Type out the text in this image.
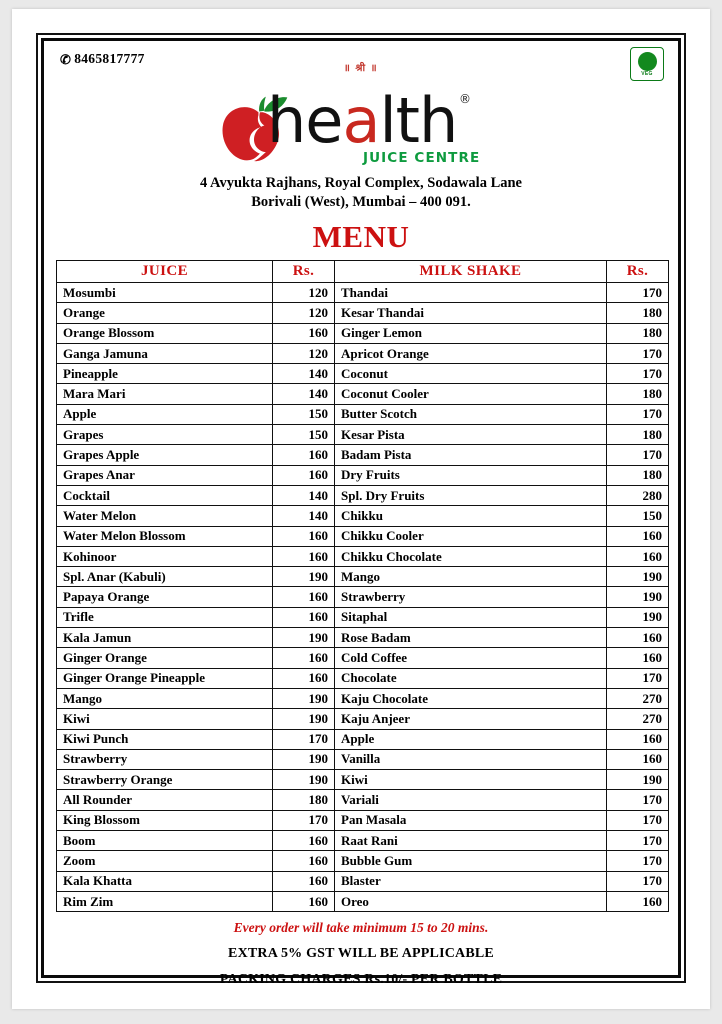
✆ 8465817777
VEG
॥ श्री ॥
health ®
JUICE CENTRE
4 Avyukta Rajhans, Royal Complex, Sodawala Lane
Borivali (West), Mumbai – 400 091.
MENU
JUICE	Rs.	MILK SHAKE	Rs.
Mosumbi	120	Thandai	170
Orange	120	Kesar Thandai	180
Orange Blossom	160	Ginger Lemon	180
Ganga Jamuna	120	Apricot Orange	170
Pineapple	140	Coconut	170
Mara Mari	140	Coconut Cooler	180
Apple	150	Butter Scotch	170
Grapes	150	Kesar Pista	180
Grapes Apple	160	Badam Pista	170
Grapes Anar	160	Dry Fruits	180
Cocktail	140	Spl. Dry Fruits	280
Water Melon	140	Chikku	150
Water Melon Blossom	160	Chikku Cooler	160
Kohinoor	160	Chikku Chocolate	160
Spl. Anar (Kabuli)	190	Mango	190
Papaya Orange	160	Strawberry	190
Trifle	160	Sitaphal	190
Kala Jamun	190	Rose Badam	160
Ginger Orange	160	Cold Coffee	160
Ginger Orange Pineapple	160	Chocolate	170
Mango	190	Kaju Chocolate	270
Kiwi	190	Kaju Anjeer	270
Kiwi Punch	170	Apple	160
Strawberry	190	Vanilla	160
Strawberry Orange	190	Kiwi	190
All Rounder	180	Variali	170
King Blossom	170	Pan Masala	170
Boom	160	Raat Rani	170
Zoom	160	Bubble Gum	170
Kala Khatta	160	Blaster	170
Rim Zim	160	Oreo	160
Every order will take minimum 15 to 20 mins.
EXTRA 5% GST WILL BE APPLICABLE
PACKING CHARGES Rs.10/- PER BOTTLE
